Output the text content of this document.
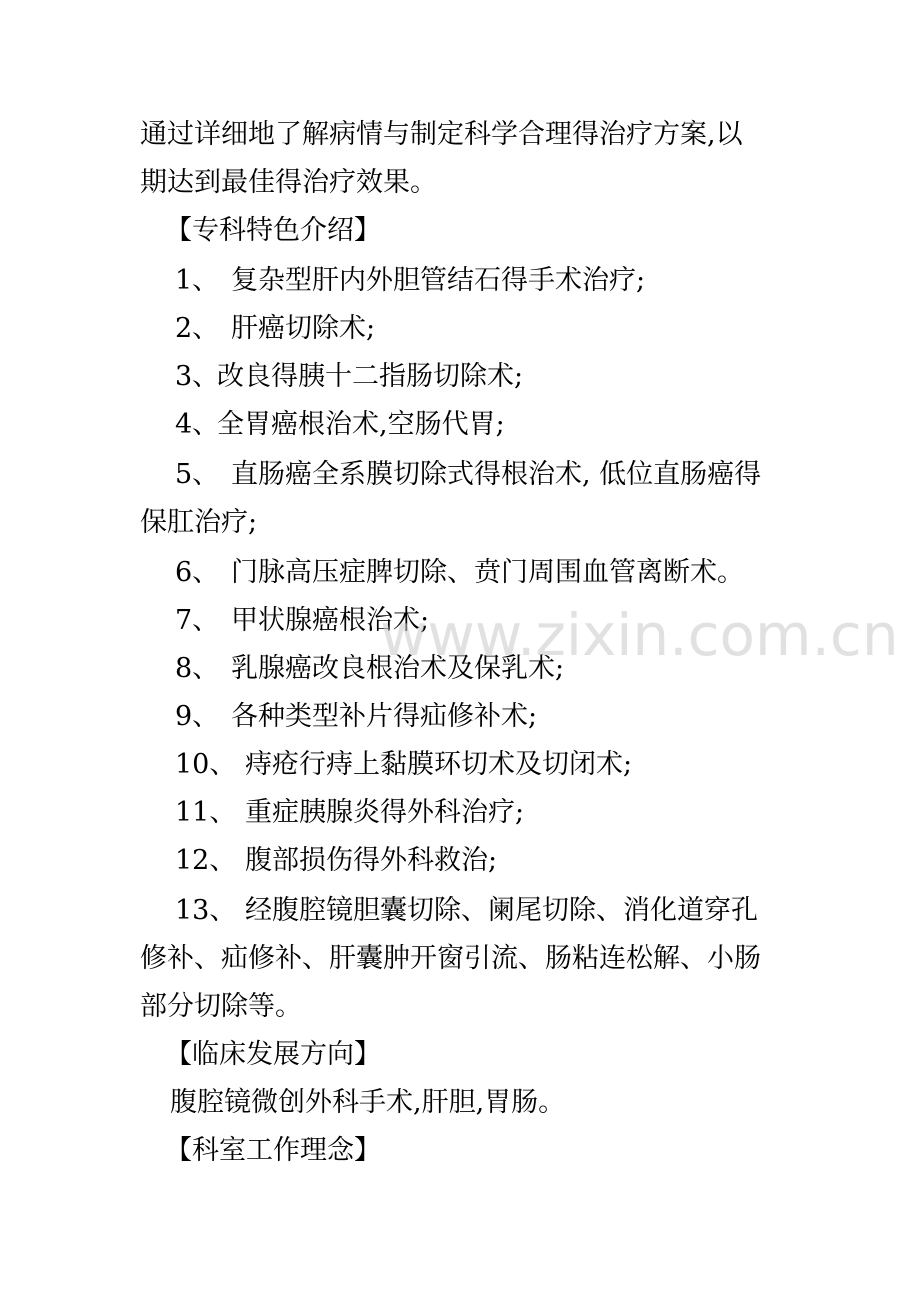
通过详细地了解病情与制定科学合理得治疗方案,以
期达到最佳得治疗效果。
【专科特色介绍】
1、 复杂型肝内外胆管结石得手术治疗;
2、 肝癌切除术;
3、改良得胰十二指肠切除术;
4、全胃癌根治术,空肠代胃;
5、 直肠癌全系膜切除式得根治术, 低位直肠癌得
保肛治疗;
6、 门脉高压症脾切除、贲门周围血管离断术。
7、 甲状腺癌根治术;
8、 乳腺癌改良根治术及保乳术;
9、 各种类型补片得疝修补术;
10、 痔疮行痔上黏膜环切术及切闭术;
11、 重症胰腺炎得外科治疗;
12、 腹部损伤得外科救治;
13、 经腹腔镜胆囊切除、阑尾切除、消化道穿孔
修补、疝修补、肝囊肿开窗引流、肠粘连松解、小肠
部分切除等。
【临床发展方向】
腹腔镜微创外科手术,肝胆,胃肠。
【科室工作理念】
www.zixin.com.cn
